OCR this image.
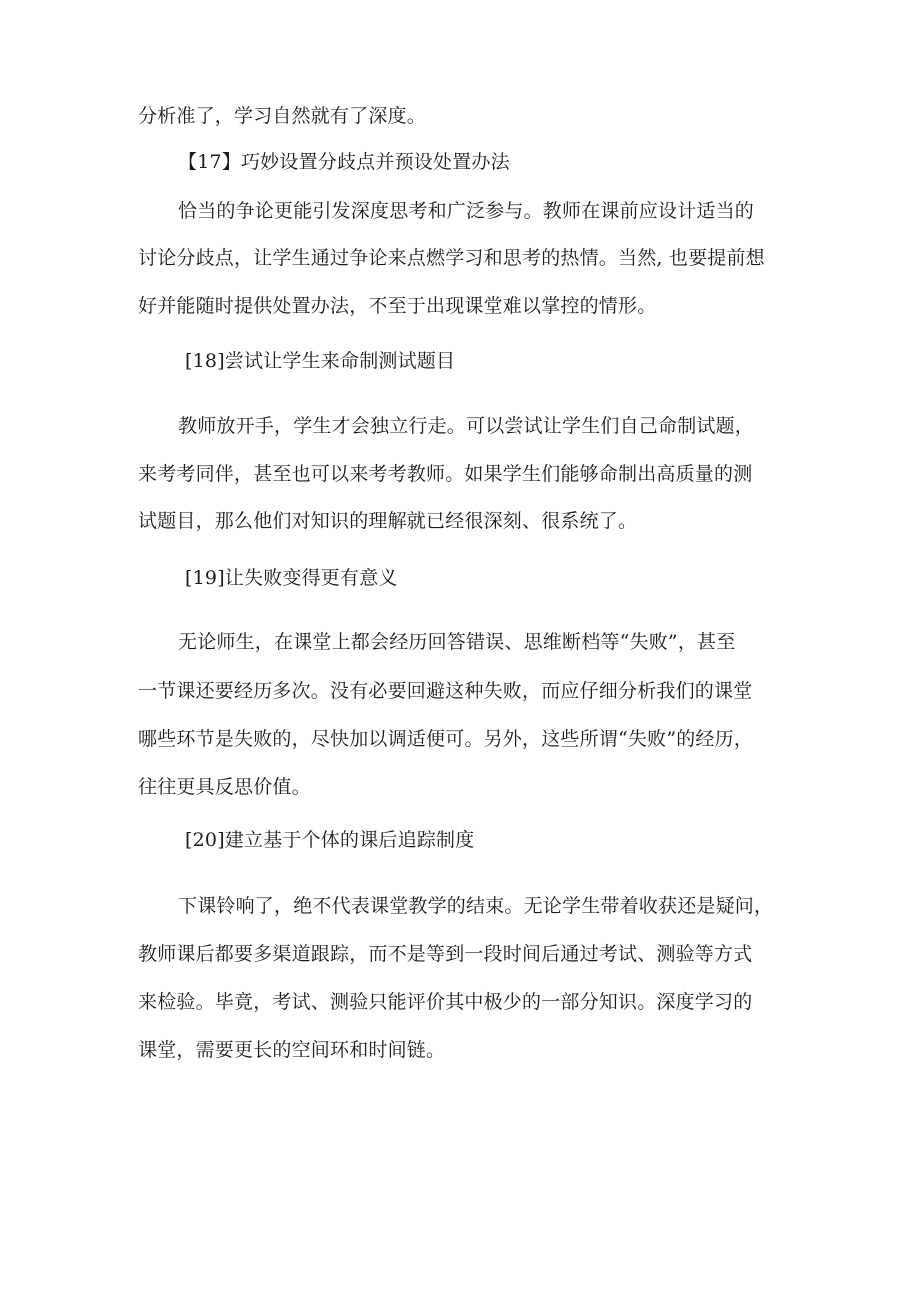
分析准了，学习自然就有了深度。
【17】巧妙设置分歧点并预设处置办法
恰当的争论更能引发深度思考和广泛参与。教师在课前应设计适当的
讨论分歧点，让学生通过争论来点燃学习和思考的热情。当然, 也要提前想
好并能随时提供处置办法，不至于出现课堂难以掌控的情形。
[18]尝试让学生来命制测试题目
教师放开手，学生才会独立行走。可以尝试让学生们自己命制试题，
来考考同伴，甚至也可以来考考教师。如果学生们能够命制出高质量的测
试题目，那么他们对知识的理解就已经很深刻、很系统了。
[19]让失败变得更有意义
无论师生，在课堂上都会经历回答错误、思维断档等“失败”，甚至
一节课还要经历多次。没有必要回避这种失败，而应仔细分析我们的课堂
哪些环节是失败的，尽快加以调适便可。另外，这些所谓“失败”的经历，
往往更具反思价值。
[20]建立基于个体的课后追踪制度
下课铃响了，绝不代表课堂教学的结束。无论学生带着收获还是疑问，
教师课后都要多渠道跟踪，而不是等到一段时间后通过考试、测验等方式
来检验。毕竟，考试、测验只能评价其中极少的一部分知识。深度学习的
课堂，需要更长的空间环和时间链。
